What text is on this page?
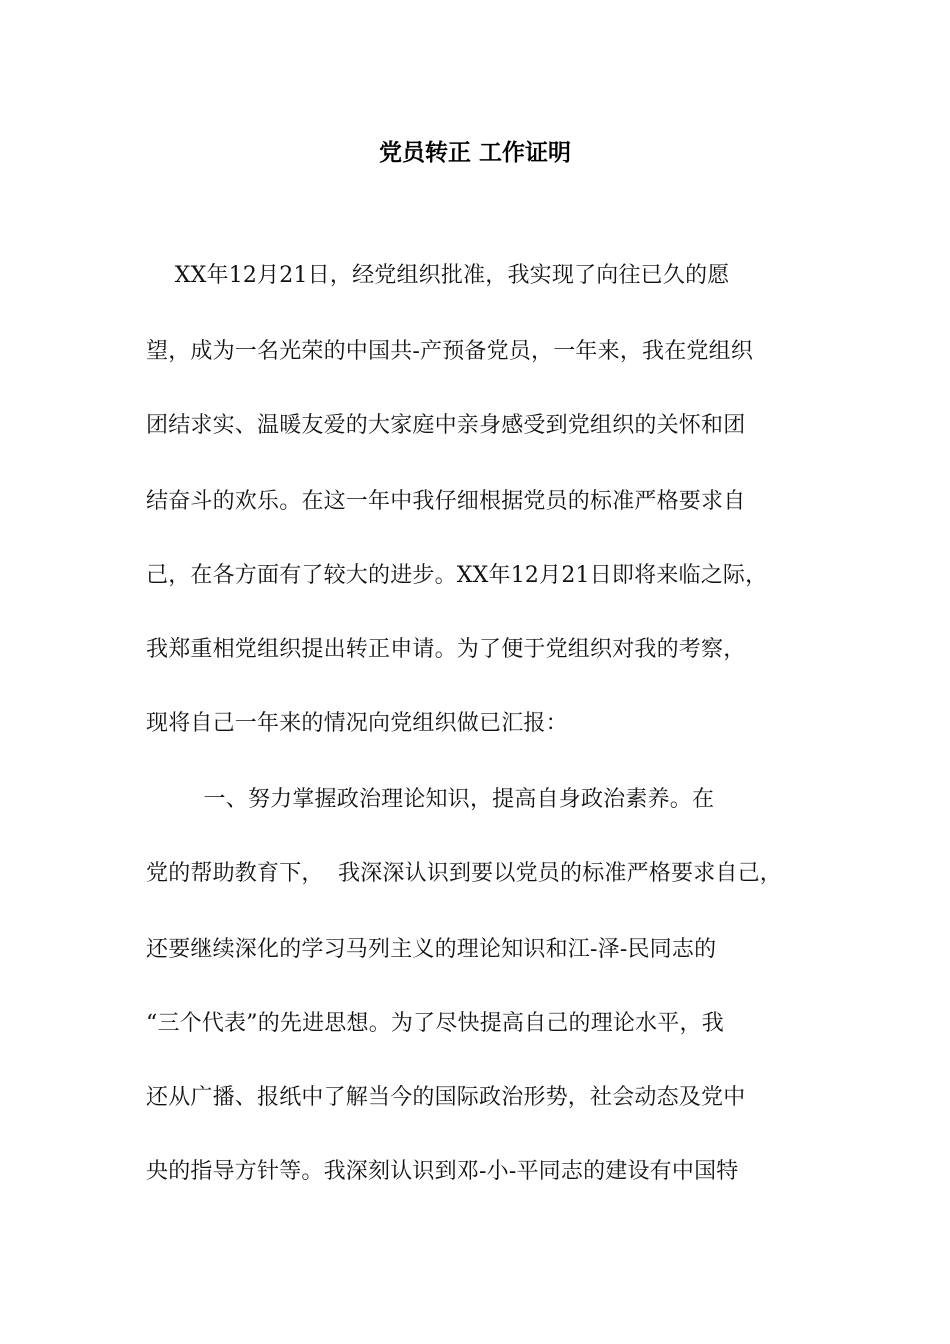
党员转正 工作证明
XX年12月21日，经党组织批准，我实现了向往已久的愿
望，成为一名光荣的中国共-产预备党员，一年来，我在党组织
团结求实、温暖友爱的大家庭中亲身感受到党组织的关怀和团
结奋斗的欢乐。在这一年中我仔细根据党员的标准严格要求自
己，在各方面有了较大的进步。XX年12月21日即将来临之际，
我郑重相党组织提出转正申请。为了便于党组织对我的考察，
现将自己一年来的情况向党组织做已汇报：
一、努力掌握政治理论知识，提高自身政治素养。在
党的帮助教育下，  我深深认识到要以党员的标准严格要求自己，
还要继续深化的学习马列主义的理论知识和江-泽-民同志的
“三个代表”的先进思想。为了尽快提高自己的理论水平，我
还从广播、报纸中了解当今的国际政治形势，社会动态及党中
央的指导方针等。我深刻认识到邓-小-平同志的建设有中国特
